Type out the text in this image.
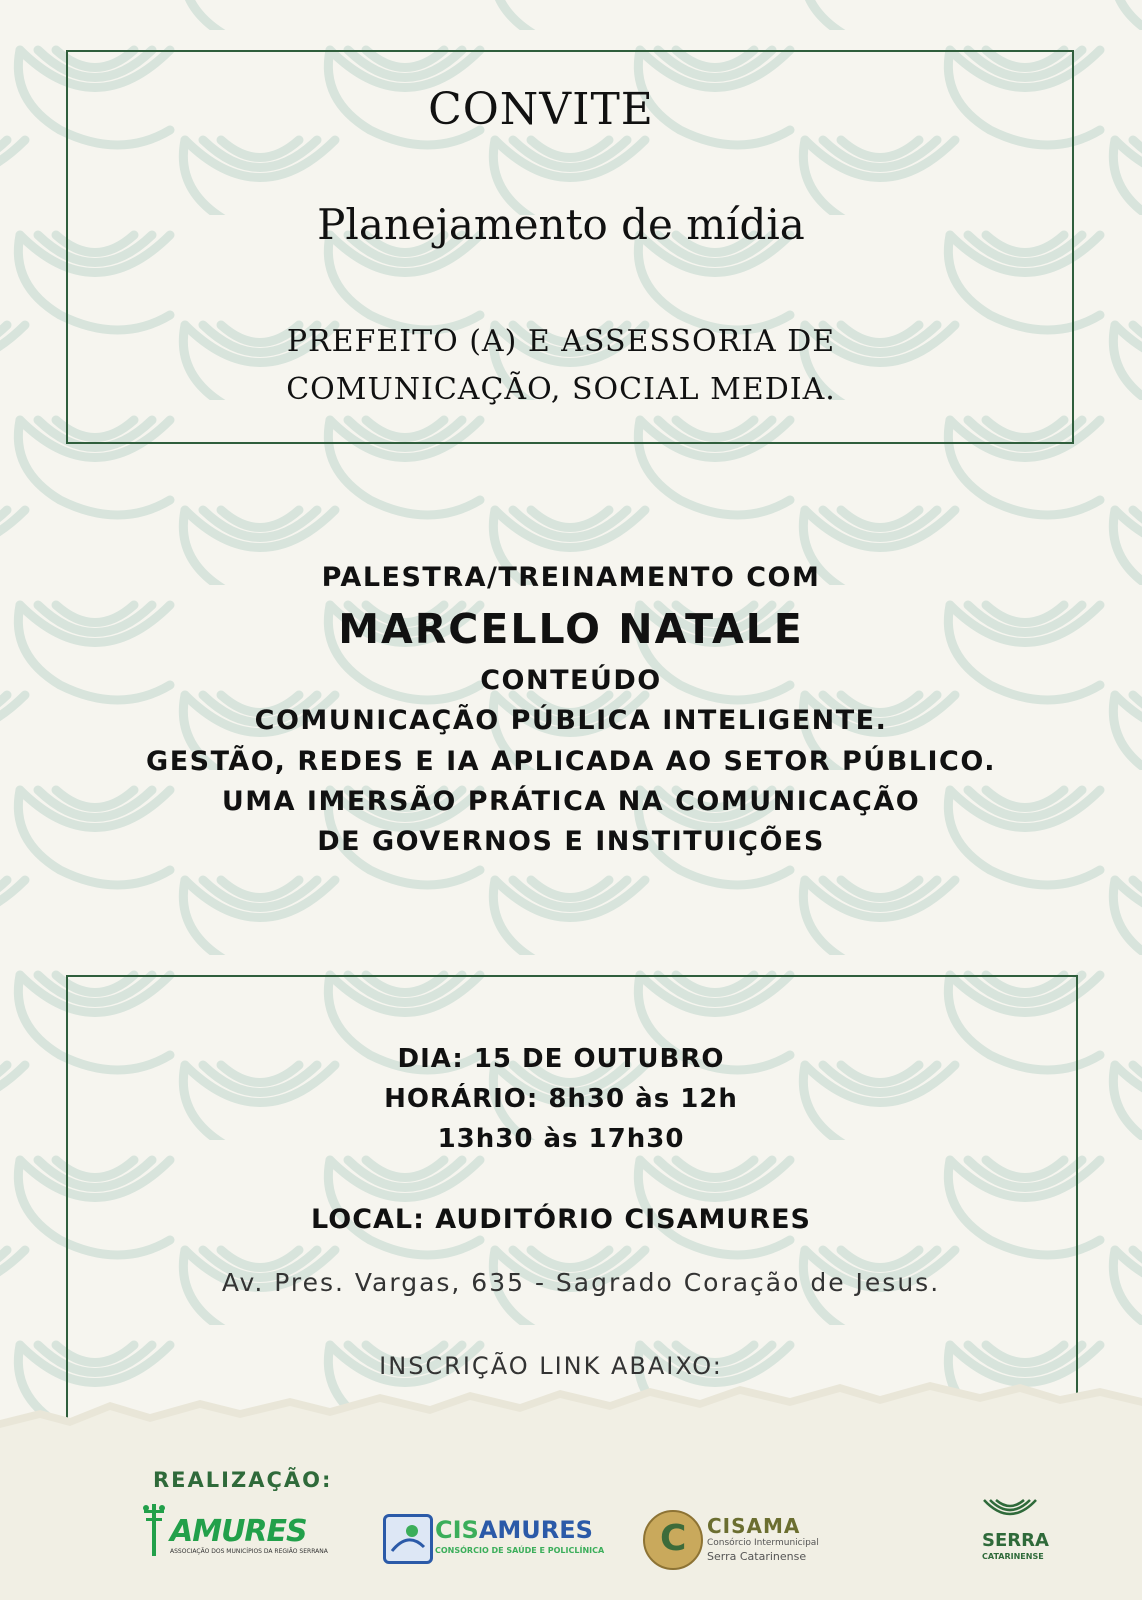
CONVITE
Planejamento de mídia
PREFEITO (A) E ASSESSORIA DE
COMUNICAÇÃO, SOCIAL MEDIA.
PALESTRA/TREINAMENTO COM
MARCELLO NATALE
CONTEÚDO
COMUNICAÇÃO PÚBLICA INTELIGENTE.
GESTÃO, REDES E IA APLICADA AO SETOR PÚBLICO.
UMA IMERSÃO PRÁTICA NA COMUNICAÇÃO
DE GOVERNOS E INSTITUIÇÕES
DIA: 15 DE OUTUBRO
HORÁRIO: 8h30 às 12h
13h30 às 17h30
LOCAL: AUDITÓRIO CISAMURES
Av. Pres. Vargas, 635 - Sagrado Coração de Jesus.
INSCRIÇÃO LINK ABAIXO:
REALIZAÇÃO:
AMURES
ASSOCIAÇÃO DOS MUNICÍPIOS DA REGIÃO SERRANA
CISAMURES
CONSÓRCIO DE SAÚDE E POLICLÍNICA C CISAMA
Consórcio Intermunicipal
Serra Catarinense
SERRA
CATARINENSE
